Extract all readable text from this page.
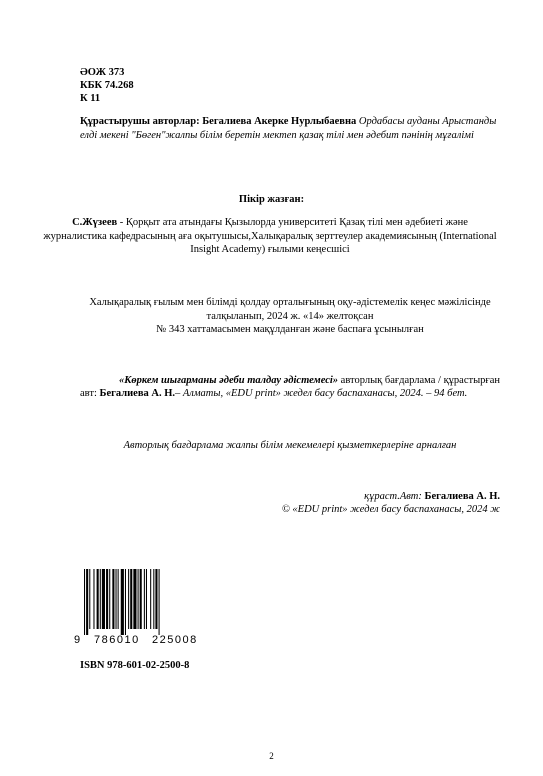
ӘОЖ 373
КБК 74.268
К 11
Құрастырушы авторлар: Бегалиева Акерке Нурлыбаевна Ордабасы ауданы Арыстанды елді мекені "Бөген"жалпы білім беретін мектеп қазақ тілі мен әдебит пәнінің мұғалімі
Пікір жазған:
С.Жүзеев - Қорқыт ата атындағы Қызылорда университеті Қазақ тілі мен әдебиеті және журналистика кафедрасының аға оқытушысы,Халықаралық зерттеулер академиясының (International Insight Academy) ғылыми кеңесшісі
Халықаралық ғылым мен білімді қолдау орталығының оқу-әдістемелік кеңес мәжілісінде талқыланып, 2024 ж. «14» желтоқсан
№ 343 хаттамасымен мақұлданған және баспаға ұсынылған
«Көркем шығарманы әдеби талдау әдістемесі» авторлық бағдарлама / құрастырған
авт: Бегалиева А. Н.– Алматы, «EDU print» жедел басу баспаханасы, 2024. – 94 бет.
Авторлық бағдарлама жалпы білім мекемелері қызметкерлеріне арналған
құраст.Авт: Бегалиева А. Н.
© «EDU print» жедел басу баспаханасы, 2024 ж
9 786010 225008
ISBN 978-601-02-2500-8
2
